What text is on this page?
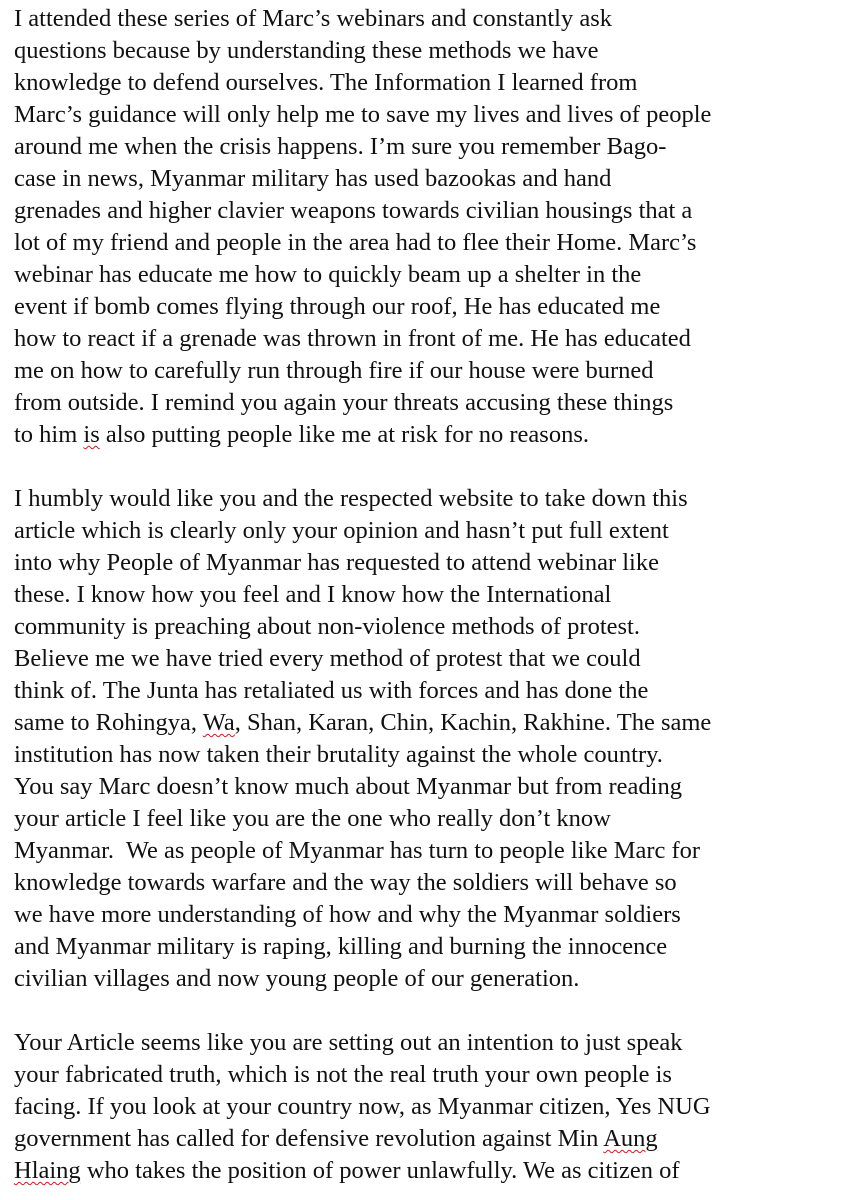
I attended these series of Marc’s webinars and constantly ask

questions because by understanding these methods we have

knowledge to defend ourselves. The Information I learned from

Marc’s guidance will only help me to save my lives and lives of people

around me when the crisis happens. I’m sure you remember Bago-

case in news, Myanmar military has used bazookas and hand

grenades and higher clavier weapons towards civilian housings that a

lot of my friend and people in the area had to flee their Home. Marc’s

webinar has educate me how to quickly beam up a shelter in the

event if bomb comes flying through our roof, He has educated me

how to react if a grenade was thrown in front of me. He has educated

me on how to carefully run through fire if our house were burned

from outside. I remind you again your threats accusing these things

to him is also putting people like me at risk for no reasons.

I humbly would like you and the respected website to take down this

article which is clearly only your opinion and hasn’t put full extent

into why People of Myanmar has requested to attend webinar like

these. I know how you feel and I know how the International

community is preaching about non-violence methods of protest.

Believe me we have tried every method of protest that we could

think of. The Junta has retaliated us with forces and has done the

same to Rohingya, Wa, Shan, Karan, Chin, Kachin, Rakhine. The same

institution has now taken their brutality against the whole country.

You say Marc doesn’t know much about Myanmar but from reading

your article I feel like you are the one who really don’t know

Myanmar.  We as people of Myanmar has turn to people like Marc for

knowledge towards warfare and the way the soldiers will behave so

we have more understanding of how and why the Myanmar soldiers

and Myanmar military is raping, killing and burning the innocence

civilian villages and now young people of our generation.

Your Article seems like you are setting out an intention to just speak

your fabricated truth, which is not the real truth your own people is

facing. If you look at your country now, as Myanmar citizen, Yes NUG

government has called for defensive revolution against Min Aung

Hlaing who takes the position of power unlawfully. We as citizen of
